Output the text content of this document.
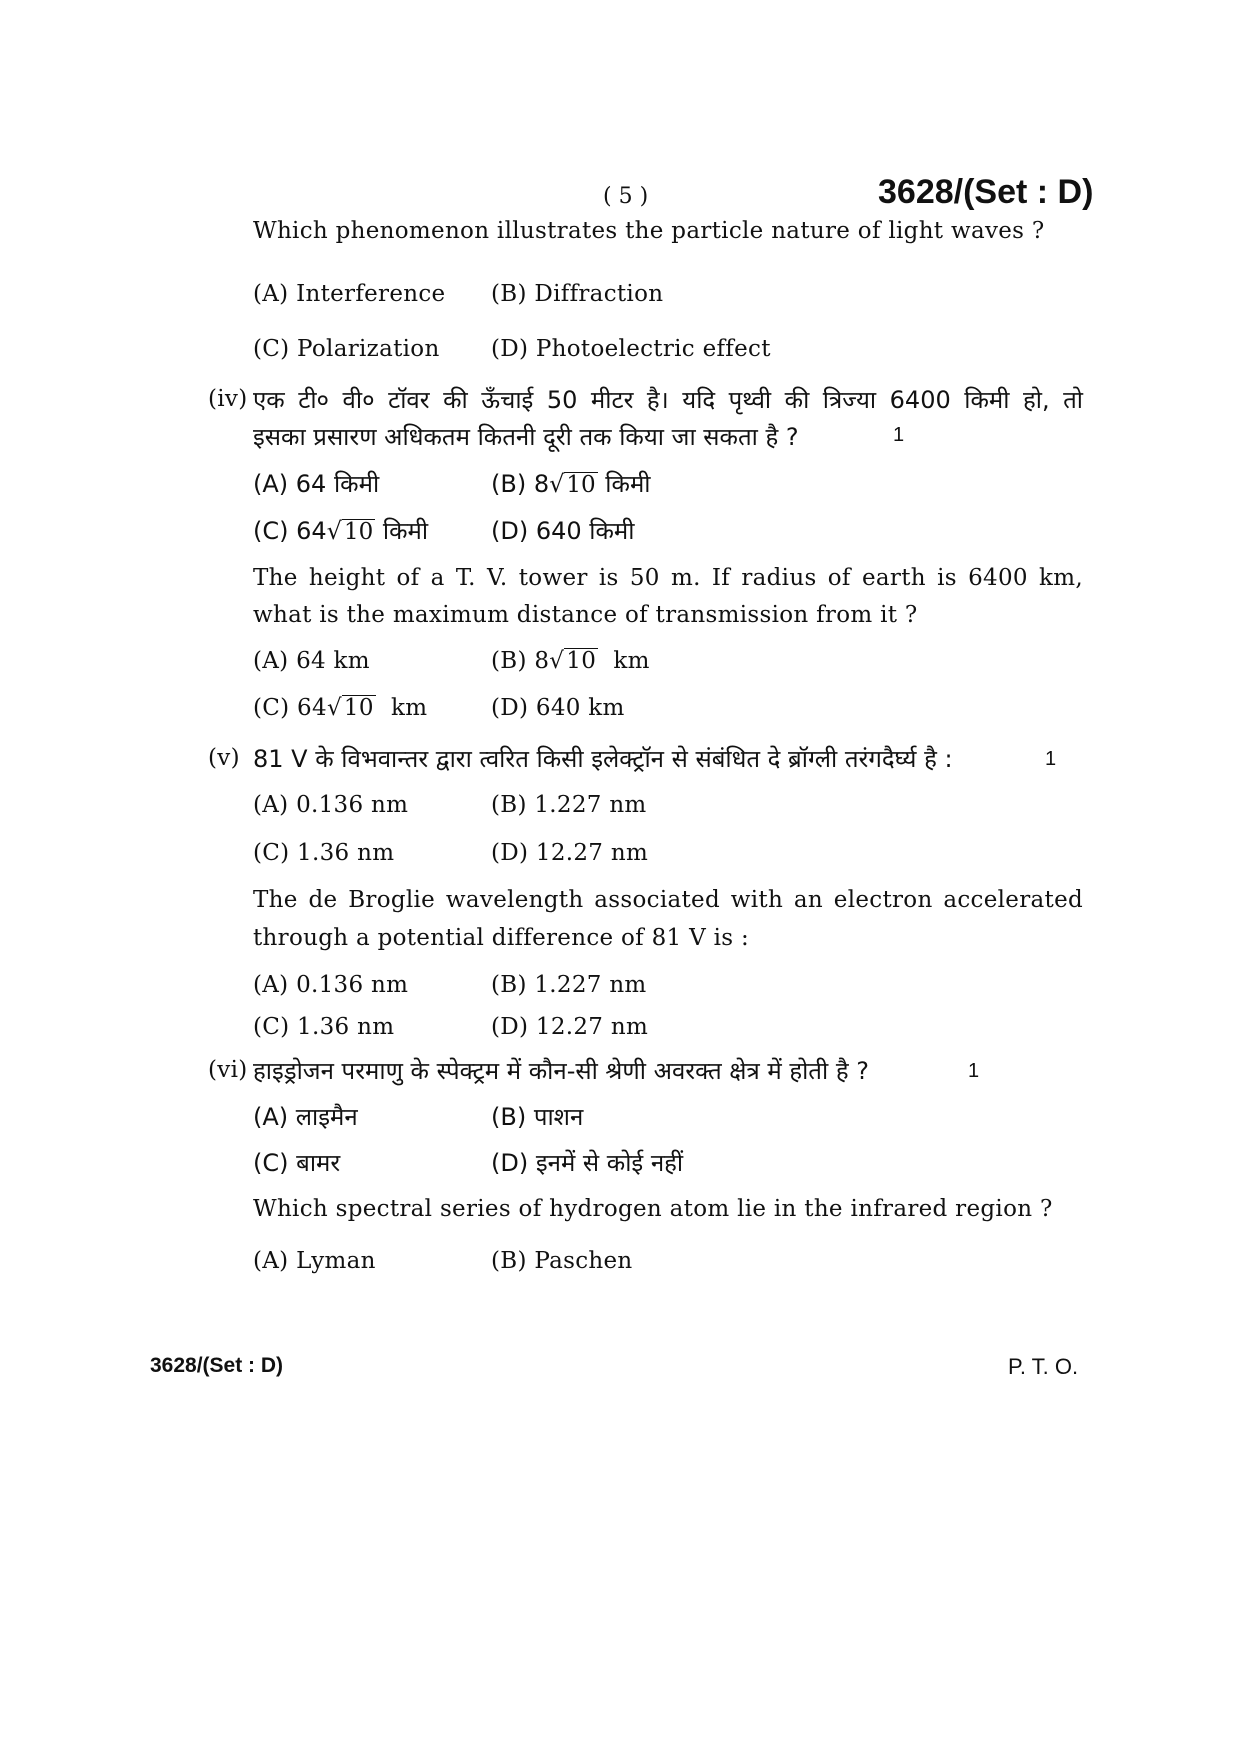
( 5 )	3628/(Set : D)
Which phenomenon illustrates the particle nature of light waves ?
(A) Interference (B) Diffraction
(C) Polarization (D) Photoelectric effect
(iv) एक टी० वी० टॉवर की ऊँचाई 50 मीटर है। यदि पृथ्वी की त्रिज्या 6400 किमी हो, तो
इसका प्रसारण अधिकतम कितनी दूरी तक किया जा सकता है ?	1
(A) 64 किमी	(B) 8√10 किमी
(C) 64√10 किमी	(D) 640 किमी
The height of a T. V. tower is 50 m. If radius of earth is 6400 km,
what is the maximum distance of transmission from it ?
(A) 64 km	(B) 8√10  km
(C) 64√10  km	(D) 640 km
(v) 81 V के विभवान्तर द्वारा त्वरित किसी इलेक्ट्रॉन से संबंधित दे ब्रॉग्ली तरंगदैर्घ्य है :	1
(A) 0.136 nm	(B) 1.227 nm
(C) 1.36 nm	(D) 12.27 nm
The de Broglie wavelength associated with an electron accelerated
through a potential difference of 81 V is :
(A) 0.136 nm	(B) 1.227 nm
(C) 1.36 nm	(D) 12.27 nm
(vi) हाइड्रोजन परमाणु के स्पेक्ट्रम में कौन-सी श्रेणी अवरक्त क्षेत्र में होती है ?	1
(A) लाइमैन	(B) पाशन
(C) बामर	(D) इनमें से कोई नहीं
Which spectral series of hydrogen atom lie in the infrared region ?
(A) Lyman	(B) Paschen
3628/(Set : D)	P. T. O.
